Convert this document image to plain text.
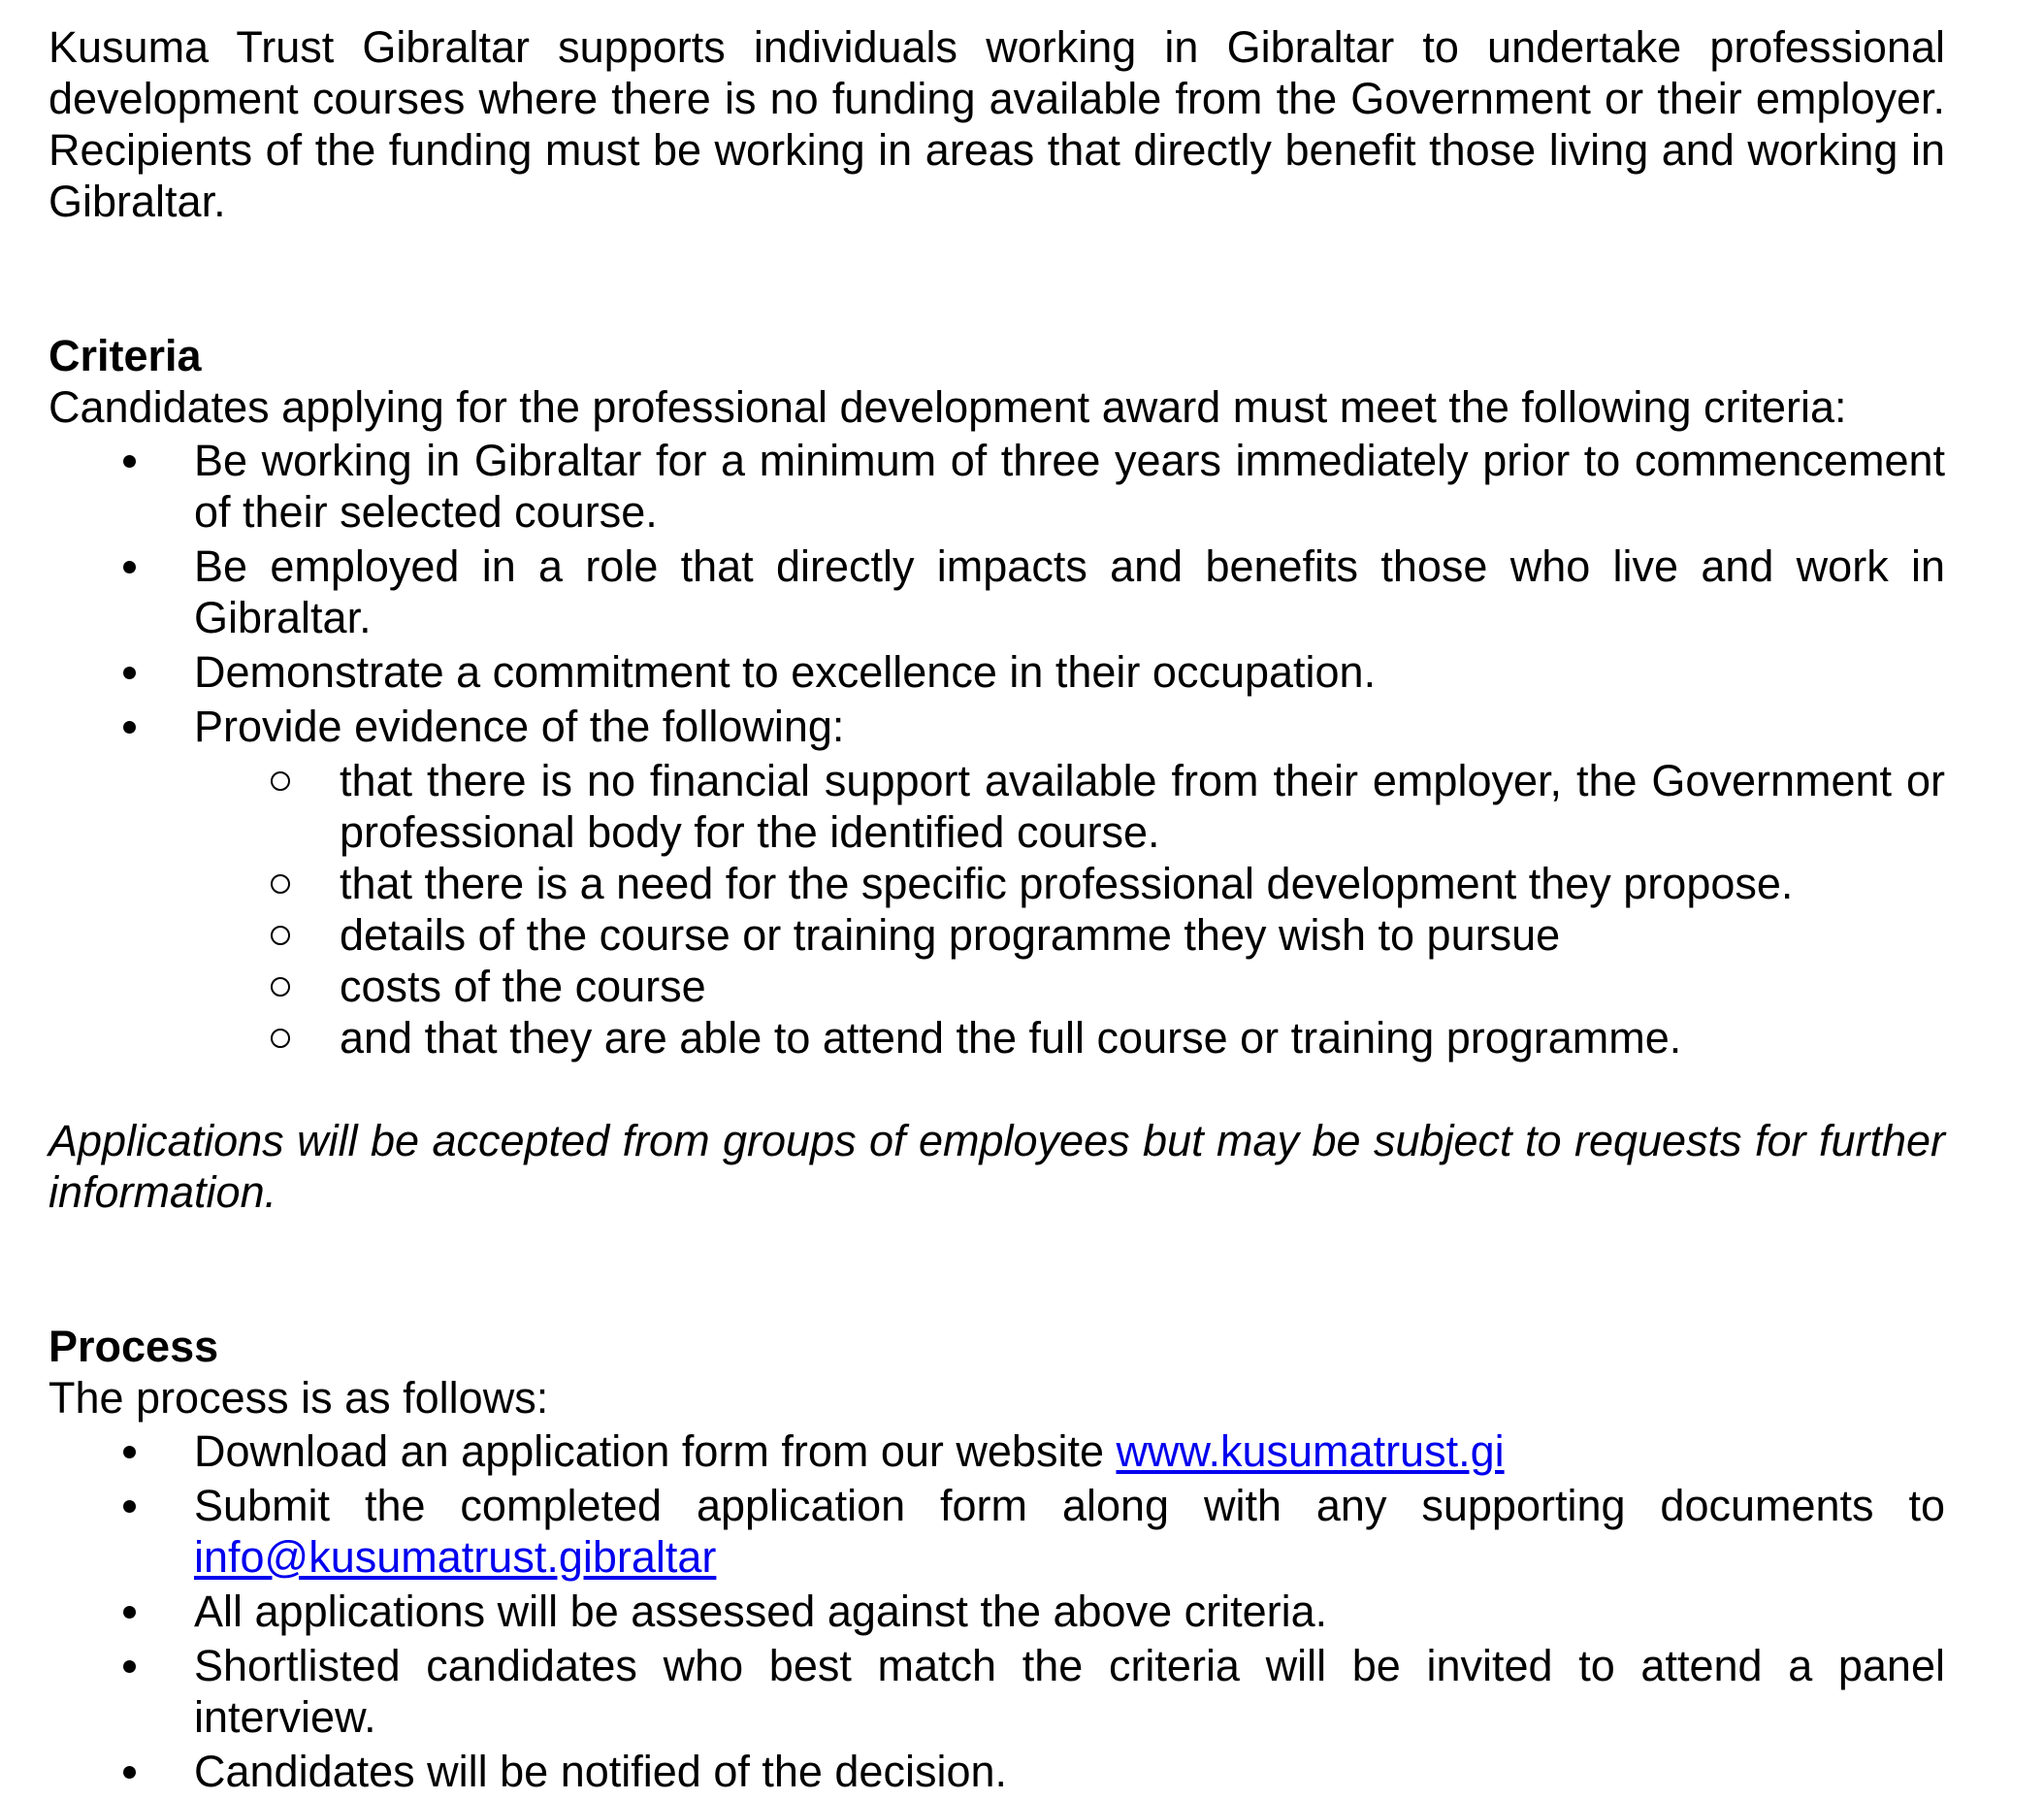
Kusuma Trust Gibraltar supports individuals working in Gibraltar to undertake professional development courses where there is no funding available from the Government or their employer. Recipients of the funding must be working in areas that directly benefit those living and working in Gibraltar.

Criteria

Candidates applying for the professional development award must meet the following criteria:

Be working in Gibraltar for a minimum of three years immediately prior to commencement of their selected course.
Be employed in a role that directly impacts and benefits those who live and work in Gibraltar.
Demonstrate a commitment to excellence in their occupation.
Provide evidence of the following:
that there is no financial support available from their employer, the Government or professional body for the identified course.
that there is a need for the specific professional development they propose.
details of the course or training programme they wish to pursue
costs of the course
and that they are able to attend the full course or training programme.

Applications will be accepted from groups of employees but may be subject to requests for further information.

Process

The process is as follows:

Download an application form from our website www.kusumatrust.gi
Submit the completed application form along with any supporting documents to
info@kusumatrust.gibraltar
All applications will be assessed against the above criteria.
Shortlisted candidates who best match the criteria will be invited to attend a panel interview.
Candidates will be notified of the decision.
